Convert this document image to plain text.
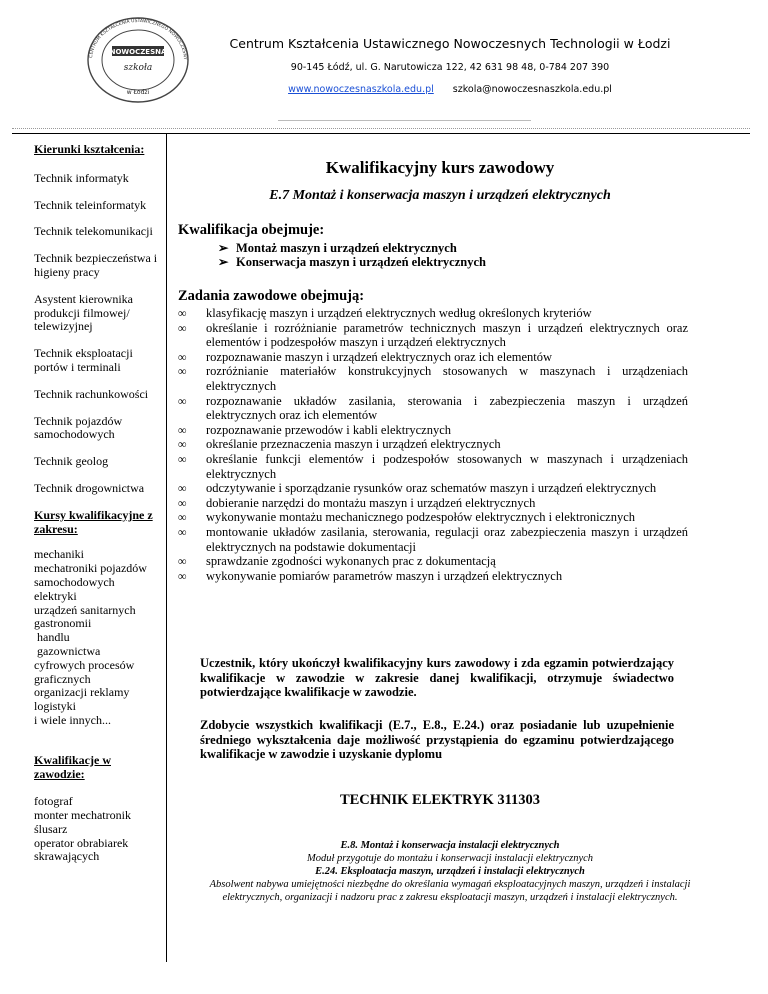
NOWOCZESNA
szkoła
w Łodzi
CENTRUM KSZTAŁCENIA USTAWICZNEGO NOWOCZESNY
Centrum Kształcenia Ustawicznego Nowoczesnych Technologii w Łodzi
90-145 Łódź, ul. G. Narutowicza 122, 42 631 98 48, 0-784 207 390
www.nowoczesnaszkola.edu.pl szkola@nowoczesnaszkola.edu.pl
Kierunki kształcenia:
Technik informatyk
Technik teleinformatyk
Technik telekomunikacji
Technik bezpieczeństwa i higieny pracy
Asystent kierownika produkcji filmowej/ telewizyjnej
Technik eksploatacji portów i terminali
Technik rachunkowości
Technik pojazdów samochodowych
Technik geolog
Technik drogownictwa
Kursy kwalifikacyjne z zakresu:
mechaniki
mechatroniki pojazdów samochodowych
elektryki
urządzeń sanitarnych
gastronomii
handlu
gazownictwa
cyfrowych procesów graficznych
organizacji reklamy
logistyki
i wiele innych...
Kwalifikacje w zawodzie:
fotograf
monter mechatronik
ślusarz
operator obrabiarek skrawających
Kwalifikacyjny kurs zawodowy
E.7 Montaż i konserwacja maszyn i urządzeń elektrycznych
Kwalifikacja obejmuje:
➢ Montaż maszyn i urządzeń elektrycznych
➢ Konserwacja maszyn i urządzeń elektrycznych
Zadania zawodowe obejmują:
∞ klasyfikację maszyn i urządzeń elektrycznych według określonych kryteriów
∞ określanie i rozróżnianie parametrów technicznych maszyn i urządzeń elektrycznych oraz elementów i podzespołów maszyn i urządzeń elektrycznych
∞ rozpoznawanie maszyn i urządzeń elektrycznych oraz ich elementów
∞ rozróżnianie materiałów konstrukcyjnych stosowanych w maszynach i urządzeniach elektrycznych
∞ rozpoznawanie układów zasilania, sterowania i zabezpieczenia maszyn i urządzeń elektrycznych oraz ich elementów
∞ rozpoznawanie przewodów i kabli elektrycznych
∞ określanie przeznaczenia maszyn i urządzeń elektrycznych
∞ określanie funkcji elementów i podzespołów stosowanych w maszynach i urządzeniach elektrycznych
∞ odczytywanie i sporządzanie rysunków oraz schematów maszyn i urządzeń elektrycznych
∞ dobieranie narzędzi do montażu maszyn i urządzeń elektrycznych
∞ wykonywanie montażu mechanicznego podzespołów elektrycznych i elektronicznych
∞ montowanie układów zasilania, sterowania, regulacji oraz zabezpieczenia maszyn i urządzeń elektrycznych na podstawie dokumentacji
∞ sprawdzanie zgodności wykonanych prac z dokumentacją
∞ wykonywanie pomiarów parametrów maszyn i urządzeń elektrycznych
Uczestnik, który ukończył kwalifikacyjny kurs zawodowy i zda egzamin potwierdzający kwalifikacje w zawodzie w zakresie danej kwalifikacji, otrzymuje świadectwo potwierdzające kwalifikacje w zawodzie.
Zdobycie wszystkich kwalifikacji (E.7., E.8., E.24.) oraz posiadanie lub uzupełnienie średniego wykształcenia daje możliwość przystąpienia do egzaminu potwierdzającego kwalifikacje w zawodzie i uzyskanie dyplomu
TECHNIK ELEKTRYK 311303
E.8. Montaż i konserwacja instalacji elektrycznych
Moduł przygotuje do montażu i konserwacji instalacji elektrycznych
E.24. Eksploatacja maszyn, urządzeń i instalacji elektrycznych
Absolwent nabywa umiejętności niezbędne do określania wymagań eksploatacyjnych maszyn, urządzeń i instalacji elektrycznych, organizacji i nadzoru prac z zakresu eksploatacji maszyn, urządzeń i instalacji elektrycznych.
